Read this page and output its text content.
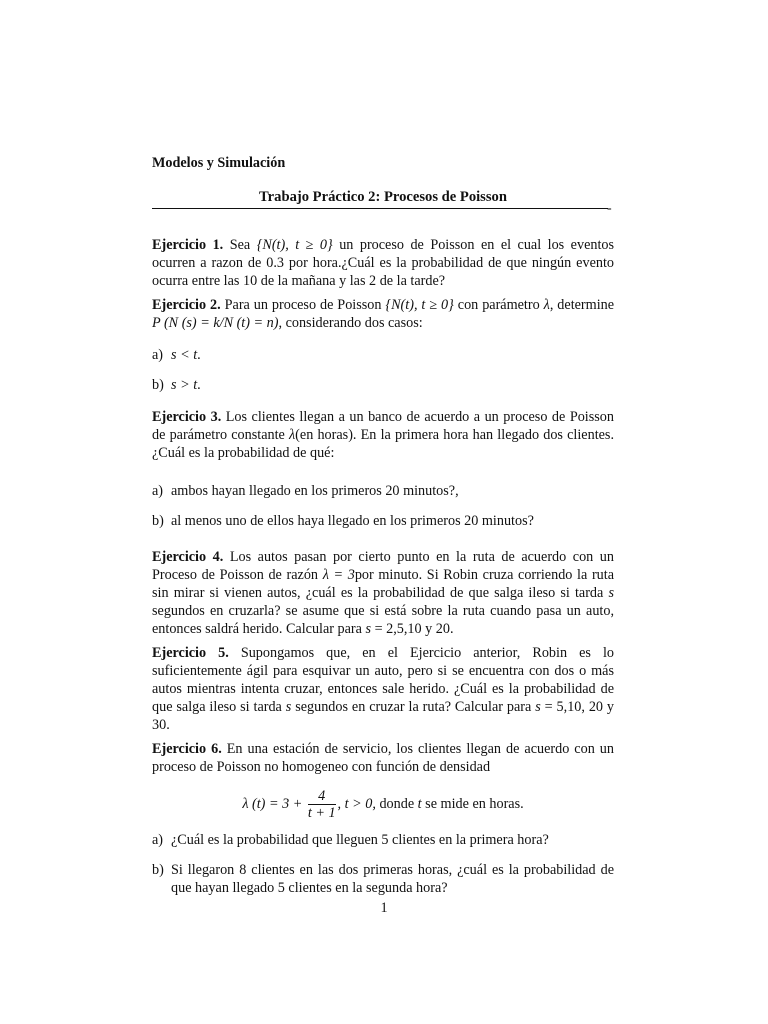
Modelos y Simulación
Trabajo Práctico 2: Procesos de Poisson
-

Ejercicio 1. Sea {N(t), t ≥ 0} un proceso de Poisson en el cual los eventos ocurren a razon de 0.3 por hora.¿Cuál es la probabilidad de que ningún evento ocurra entre las 10 de la mañana y las 2 de la tarde?

Ejercicio 2. Para un proceso de Poisson {N(t), t ≥ 0} con parámetro λ, determine P (N (s) = k/N (t) = n), considerando dos casos:

a) s < t.
b) s > t.

Ejercicio 3. Los clientes llegan a un banco de acuerdo a un proceso de Poisson de parámetro constante λ(en horas). En la primera hora han llegado dos clientes. ¿Cuál es la probabilidad de qué:

a) ambos hayan llegado en los primeros 20 minutos?,
b) al menos uno de ellos haya llegado en los primeros 20 minutos?

Ejercicio 4. Los autos pasan por cierto punto en la ruta de acuerdo con un Proceso de Poisson de razón λ = 3por minuto. Si Robin cruza corriendo la ruta sin mirar si vienen autos, ¿cuál es la probabilidad de que salga ileso si tarda s segundos en cruzarla? se asume que si está sobre la ruta cuando pasa un auto, entonces saldrá herido. Calcular para s = 2,5,10 y 20.

Ejercicio 5. Supongamos que, en el Ejercicio anterior, Robin es lo suficientemente ágil para esquivar un auto, pero si se encuentra con dos o más autos mientras intenta cruzar, entonces sale herido. ¿Cuál es la probabilidad de que salga ileso si tarda s segundos en cruzar la ruta? Calcular para s = 5,10, 20 y 30.

Ejercicio 6. En una estación de servicio, los clientes llegan de acuerdo con un proceso de Poisson no homogeneo con función de densidad

λ $(t) = 3 + \frac{4}{t + 1}$ , t > 0, donde t se mide en horas.
a) ¿Cuál es la probabilidad que lleguen 5 clientes en la primera hora?
b) Si llegaron 8 clientes en las dos primeras horas, ¿cuál es la probabilidad de que hayan llegado 5 clientes en la segunda hora?
1
